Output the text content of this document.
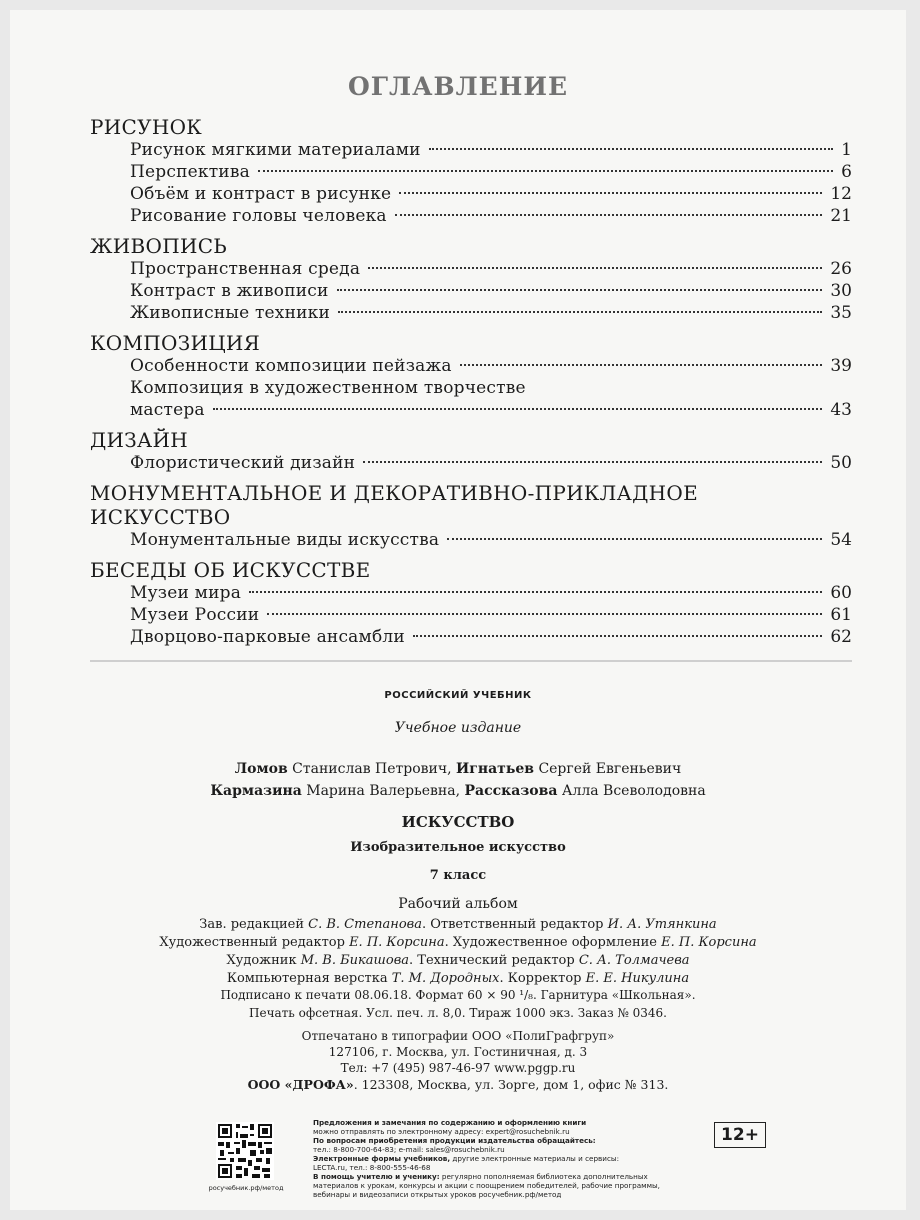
ОГЛАВЛЕНИЕ
РИСУНОК
Рисунок мягкими материалами	1
Перспектива	6
Объём и контраст в рисунке	12
Рисование головы человека	21
ЖИВОПИСЬ
Пространственная среда	26
Контраст в живописи	30
Живописные техники	35
КОМПОЗИЦИЯ
Особенности композиции пейзажа	39
Композиция в художественном творчестве
мастера	43
ДИЗАЙН
Флористический дизайн	50
МОНУМЕНТАЛЬНОЕ И ДЕКОРАТИВНО-ПРИКЛАДНОЕ
ИСКУССТВО
Монументальные виды искусства	54
БЕСЕДЫ ОБ ИСКУССТВЕ
Музеи мира	60
Музеи России	61
Дворцово-парковые ансамбли	62
РОССИЙСКИЙ УЧЕБНИК
Учебное издание
Ломов Станислав Петрович, Игнатьев Сергей Евгеньевич
Кармазина Марина Валерьевна, Рассказова Алла Всеволодовна
ИСКУССТВО
Изобразительное искусство
7 класс
Рабочий альбом
Зав. редакцией С. В. Степанова. Ответственный редактор И. А. Утянкина
Художественный редактор Е. П. Корсина. Художественное оформление Е. П. Корсина
Художник М. В. Бикашова. Технический редактор С. А. Толмачева
Компьютерная верстка Т. М. Дородных. Корректор Е. Е. Никулина
Подписано к печати 08.06.18. Формат 60 × 90 ¹/₈. Гарнитура «Школьная».
Печать офсетная. Усл. печ. л. 8,0. Тираж 1000 экз. Заказ № 0346.
Отпечатано в типографии ООО «ПолиГрафгруп»
127106, г. Москва, ул. Гостиничная, д. 3
Тел: +7 (495) 987-46-97 www.pggp.ru
ООО «ДРОФА». 123308, Москва, ул. Зорге, дом 1, офис № 313.
росучебник.рф/метод
Предложения и замечания по содержанию и оформлению книги
можно отправлять по электронному адресу: expert@rosuchebnik.ru
По вопросам приобретения продукции издательства обращайтесь:
тел.: 8-800-700-64-83; e-mail: sales@rosuchebnik.ru
Электронные формы учебников, другие электронные материалы и сервисы:
LECTA.ru, тел.: 8-800-555-46-68
В помощь учителю и ученику: регулярно пополняемая библиотека дополнительных
материалов к урокам, конкурсы и акции с поощрением победителей, рабочие программы,
вебинары и видеозаписи открытых уроков росучебник.рф/метод
12+
